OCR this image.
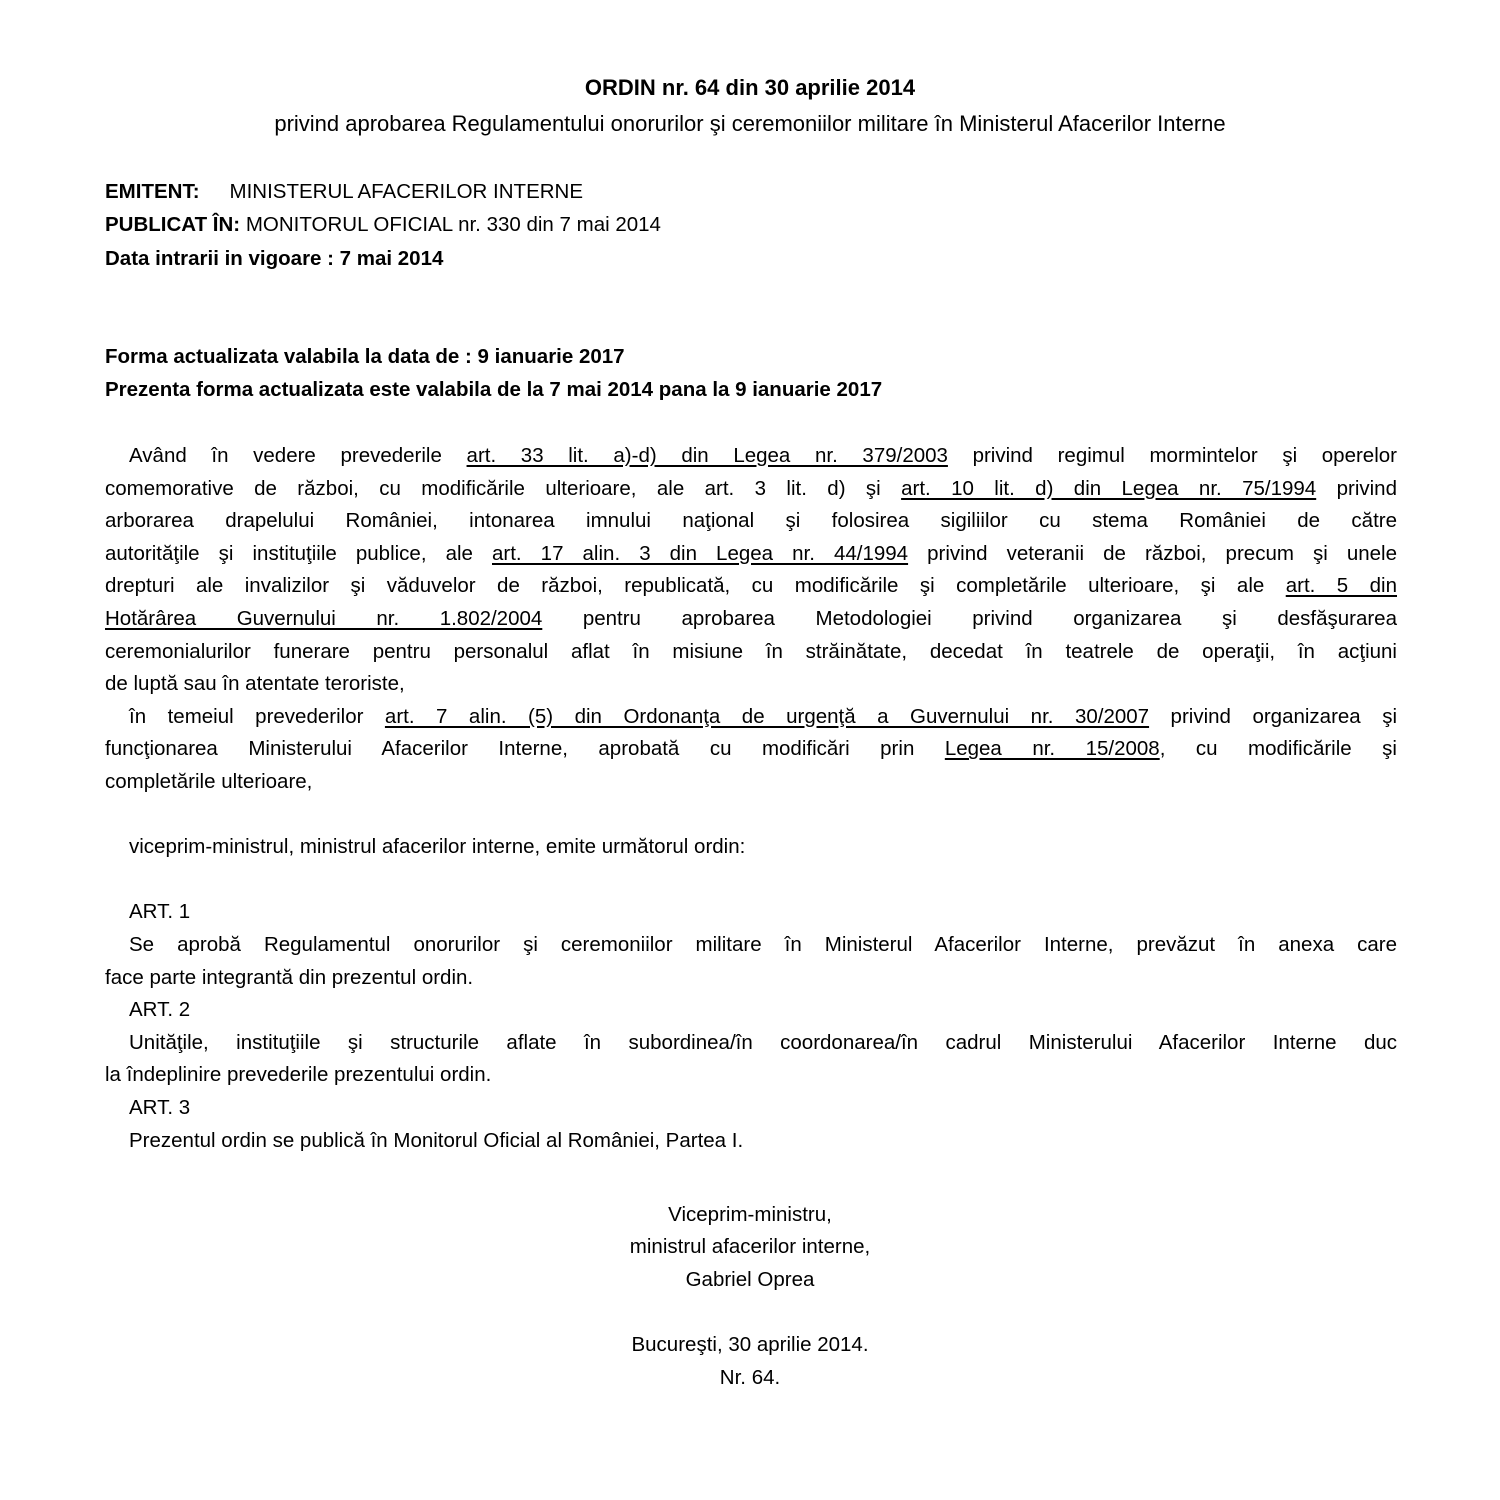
ORDIN nr. 64 din 30 aprilie 2014
privind aprobarea Regulamentului onorurilor şi ceremoniilor militare în Ministerul Afacerilor Interne
EMITENT: MINISTERUL AFACERILOR INTERNE
PUBLICAT ÎN: MONITORUL OFICIAL nr. 330 din 7 mai 2014
Data intrarii in vigoare : 7 mai 2014
Forma actualizata valabila la data de : 9 ianuarie 2017
Prezenta forma actualizata este valabila de la 7 mai 2014 pana la 9 ianuarie 2017
Având în vedere prevederile art. 33 lit. a)-d) din Legea nr. 379/2003 privind regimul mormintelor şi operelor
comemorative de război, cu modificările ulterioare, ale art. 3 lit. d) şi art. 10 lit. d) din Legea nr. 75/1994 privind
arborarea drapelului României, intonarea imnului naţional şi folosirea sigiliilor cu stema României de către
autorităţile şi instituţiile publice, ale art. 17 alin. 3 din Legea nr. 44/1994 privind veteranii de război, precum şi unele
drepturi ale invalizilor şi văduvelor de război, republicată, cu modificările şi completările ulterioare, şi ale art. 5 din
Hotărârea Guvernului nr. 1.802/2004 pentru aprobarea Metodologiei privind organizarea şi desfăşurarea
ceremonialurilor funerare pentru personalul aflat în misiune în străinătate, decedat în teatrele de operaţii, în acţiuni
de luptă sau în atentate teroriste,
în temeiul prevederilor art. 7 alin. (5) din Ordonanţa de urgenţă a Guvernului nr. 30/2007 privind organizarea şi
funcţionarea Ministerului Afacerilor Interne, aprobată cu modificări prin Legea nr. 15/2008, cu modificările şi
completările ulterioare,
viceprim-ministrul, ministrul afacerilor interne, emite următorul ordin:
ART. 1
Se aprobă Regulamentul onorurilor şi ceremoniilor militare în Ministerul Afacerilor Interne, prevăzut în anexa care
face parte integrantă din prezentul ordin.
ART. 2
Unităţile, instituţiile şi structurile aflate în subordinea/în coordonarea/în cadrul Ministerului Afacerilor Interne duc
la îndeplinire prevederile prezentului ordin.
ART. 3
Prezentul ordin se publică în Monitorul Oficial al României, Partea I.
Viceprim-ministru,
ministrul afacerilor interne,
Gabriel Oprea
Bucureşti, 30 aprilie 2014.
Nr. 64.
